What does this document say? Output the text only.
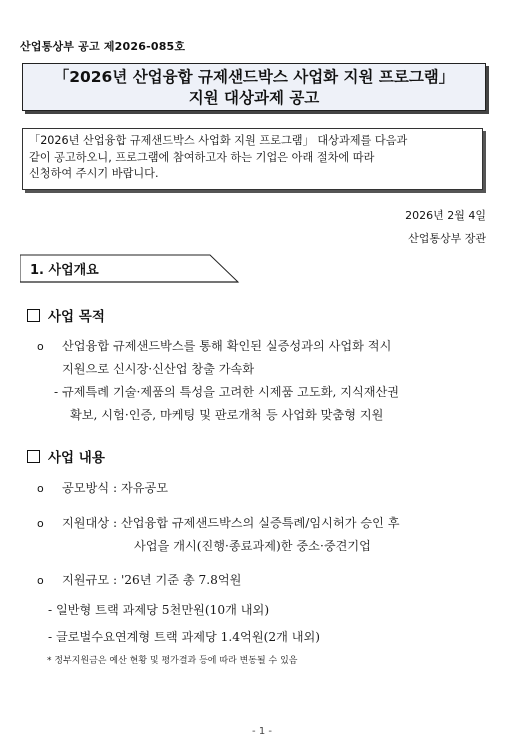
산업통상부 공고 제2026-085호
「2026년 산업융합 규제샌드박스 사업화 지원 프로그램」
지원 대상과제 공고
「2026년 산업융합 규제샌드박스 사업화 지원 프로그램」 대상과제를 다음과
같이 공고하오니, 프로그램에 참여하고자 하는 기업은 아래 절차에 따라
신청하여 주시기 바랍니다.
2026년 2월 4일
산업통상부 장관
1. 사업개요
사업 목적
o 산업융합 규제샌드박스를 통해 확인된 실증성과의 사업화 적시
지원으로 신시장·신산업 창출 가속화
- 규제특례 기술·제품의 특성을 고려한 시제품 고도화, 지식재산권
확보, 시험·인증, 마케팅 및 판로개척 등 사업화 맞춤형 지원
사업 내용
o 공모방식 : 자유공모
o 지원대상 : 산업융합 규제샌드박스의 실증특례/임시허가 승인 후
사업을 개시(진행·종료과제)한 중소·중견기업
o 지원규모 : '26년 기준 총 7.8억원
- 일반형 트랙 과제당 5천만원(10개 내외)
- 글로벌수요연계형 트랙 과제당 1.4억원(2개 내외)
* 정부지원금은 예산 현황 및 평가결과 등에 따라 변동될 수 있음
- 1 -
